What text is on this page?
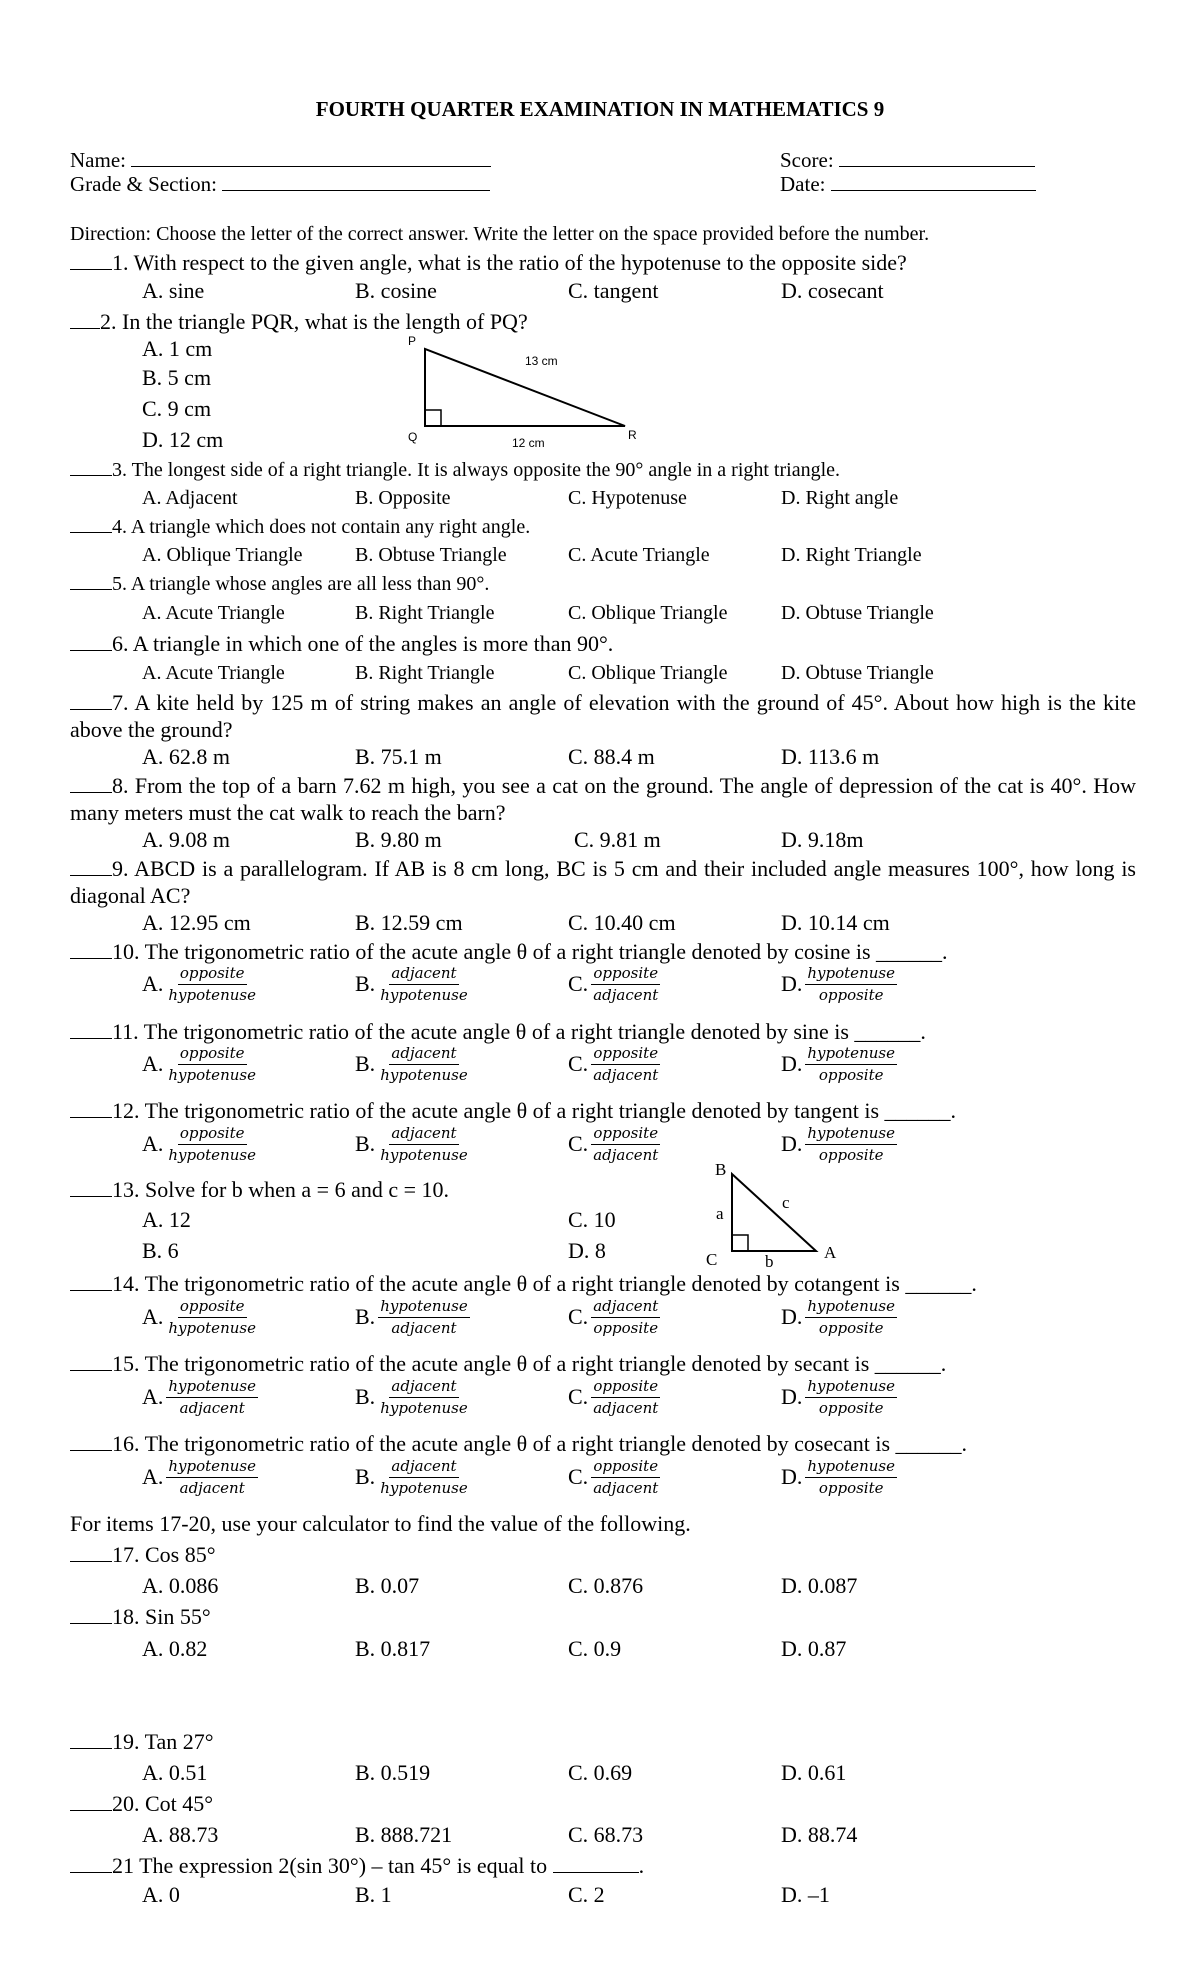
FOURTH QUARTER EXAMINATION IN MATHEMATICS 9
Name:
Grade & Section:
Score:
Date:
Direction: Choose the letter of the correct answer. Write the letter on the space provided before the number.
1. With respect to the given angle, what is the ratio of the hypotenuse to the opposite side?
A. sine	B. cosine	C. tangent	D. cosecant
2. In the triangle PQR, what is the length of PQ?
A. 1 cm
B. 5 cm
C. 9 cm
D. 12 cm
P
Q	R
13 cm
12 cm
3. The longest side of a right triangle. It is always opposite the 90° angle in a right triangle.
A. Adjacent	B. Opposite	C. Hypotenuse	D. Right angle
4. A triangle which does not contain any right angle.
A. Oblique Triangle	B. Obtuse Triangle	C. Acute Triangle	D. Right Triangle
5. A triangle whose angles are all less than 90°.
A. Acute Triangle	B. Right Triangle	C. Oblique Triangle	D. Obtuse Triangle
6. A triangle in which one of the angles is more than 90°.
A. Acute Triangle	B. Right Triangle	C. Oblique Triangle	D. Obtuse Triangle
7. A kite held by 125 m of string makes an angle of elevation with the ground of 45°. About how high is the kite above the ground?
A. 62.8 m	B. 75.1 m	C. 88.4 m	D. 113.6 m
8. From the top of a barn 7.62 m high, you see a cat on the ground. The angle of depression of the cat is 40°. How many meters must the cat walk to reach the barn?
A. 9.08 m	B. 9.80 m	C. 9.81 m	D. 9.18m
9. ABCD is a parallelogram. If AB is 8 cm long, BC is 5 cm and their included angle measures 100°, how long is diagonal AC?
A. 12.95 cm	B. 12.59 cm	C. 10.40 cm	D. 10.14 cm
10. The trigonometric ratio of the acute angle θ of a right triangle denoted by cosine is ______.
A. $\frac{\text{opposite}}{\text{hypotenuse}}$	B. $\frac{\text{adjacent}}{\text{hypotenuse}}$	C. $\frac{\text{opposite}}{\text{adjacent}}$	D. $\frac{\text{hypotenuse}}{\text{opposite}}$
11. The trigonometric ratio of the acute angle θ of a right triangle denoted by sine is ______.
A. $\frac{\text{opposite}}{\text{hypotenuse}}$	B. $\frac{\text{adjacent}}{\text{hypotenuse}}$	C. $\frac{\text{opposite}}{\text{adjacent}}$	D. $\frac{\text{hypotenuse}}{\text{opposite}}$
12. The trigonometric ratio of the acute angle θ of a right triangle denoted by tangent is ______.
A. $\frac{\text{opposite}}{\text{hypotenuse}}$	B. $\frac{\text{adjacent}}{\text{hypotenuse}}$	C. $\frac{\text{opposite}}{\text{adjacent}}$	D. $\frac{\text{hypotenuse}}{\text{opposite}}$
13. Solve for b when a = 6 and c = 10.
A. 12
B. 6
C. 10
D. 8
B
C	A
a
b
c
14. The trigonometric ratio of the acute angle θ of a right triangle denoted by cotangent is ______.
A. $\frac{\text{opposite}}{\text{hypotenuse}}$	B. $\frac{\text{hypotenuse}}{\text{adjacent}}$	C. $\frac{\text{adjacent}}{\text{opposite}}$	D. $\frac{\text{hypotenuse}}{\text{opposite}}$
15. The trigonometric ratio of the acute angle θ of a right triangle denoted by secant is ______.
A. $\frac{\text{hypotenuse}}{\text{adjacent}}$	B. $\frac{\text{adjacent}}{\text{hypotenuse}}$	C. $\frac{\text{opposite}}{\text{adjacent}}$	D. $\frac{\text{hypotenuse}}{\text{opposite}}$
16. The trigonometric ratio of the acute angle θ of a right triangle denoted by cosecant is ______.
A. $\frac{\text{hypotenuse}}{\text{adjacent}}$	B. $\frac{\text{adjacent}}{\text{hypotenuse}}$	C. $\frac{\text{opposite}}{\text{adjacent}}$	D. $\frac{\text{hypotenuse}}{\text{opposite}}$
For items 17-20, use your calculator to find the value of the following.
17. Cos 85°
A. 0.086	B. 0.07	C. 0.876	D. 0.087
18. Sin 55°
A. 0.82	B. 0.817	C. 0.9	D. 0.87
19. Tan 27°
A. 0.51	B. 0.519	C. 0.69	D. 0.61
20. Cot 45°
A. 88.73	B. 888.721	C. 68.73	D. 88.74
21 The expression 2(sin 30°) – tan 45° is equal to	.
A. 0	B. 1	C. 2	D. –1
